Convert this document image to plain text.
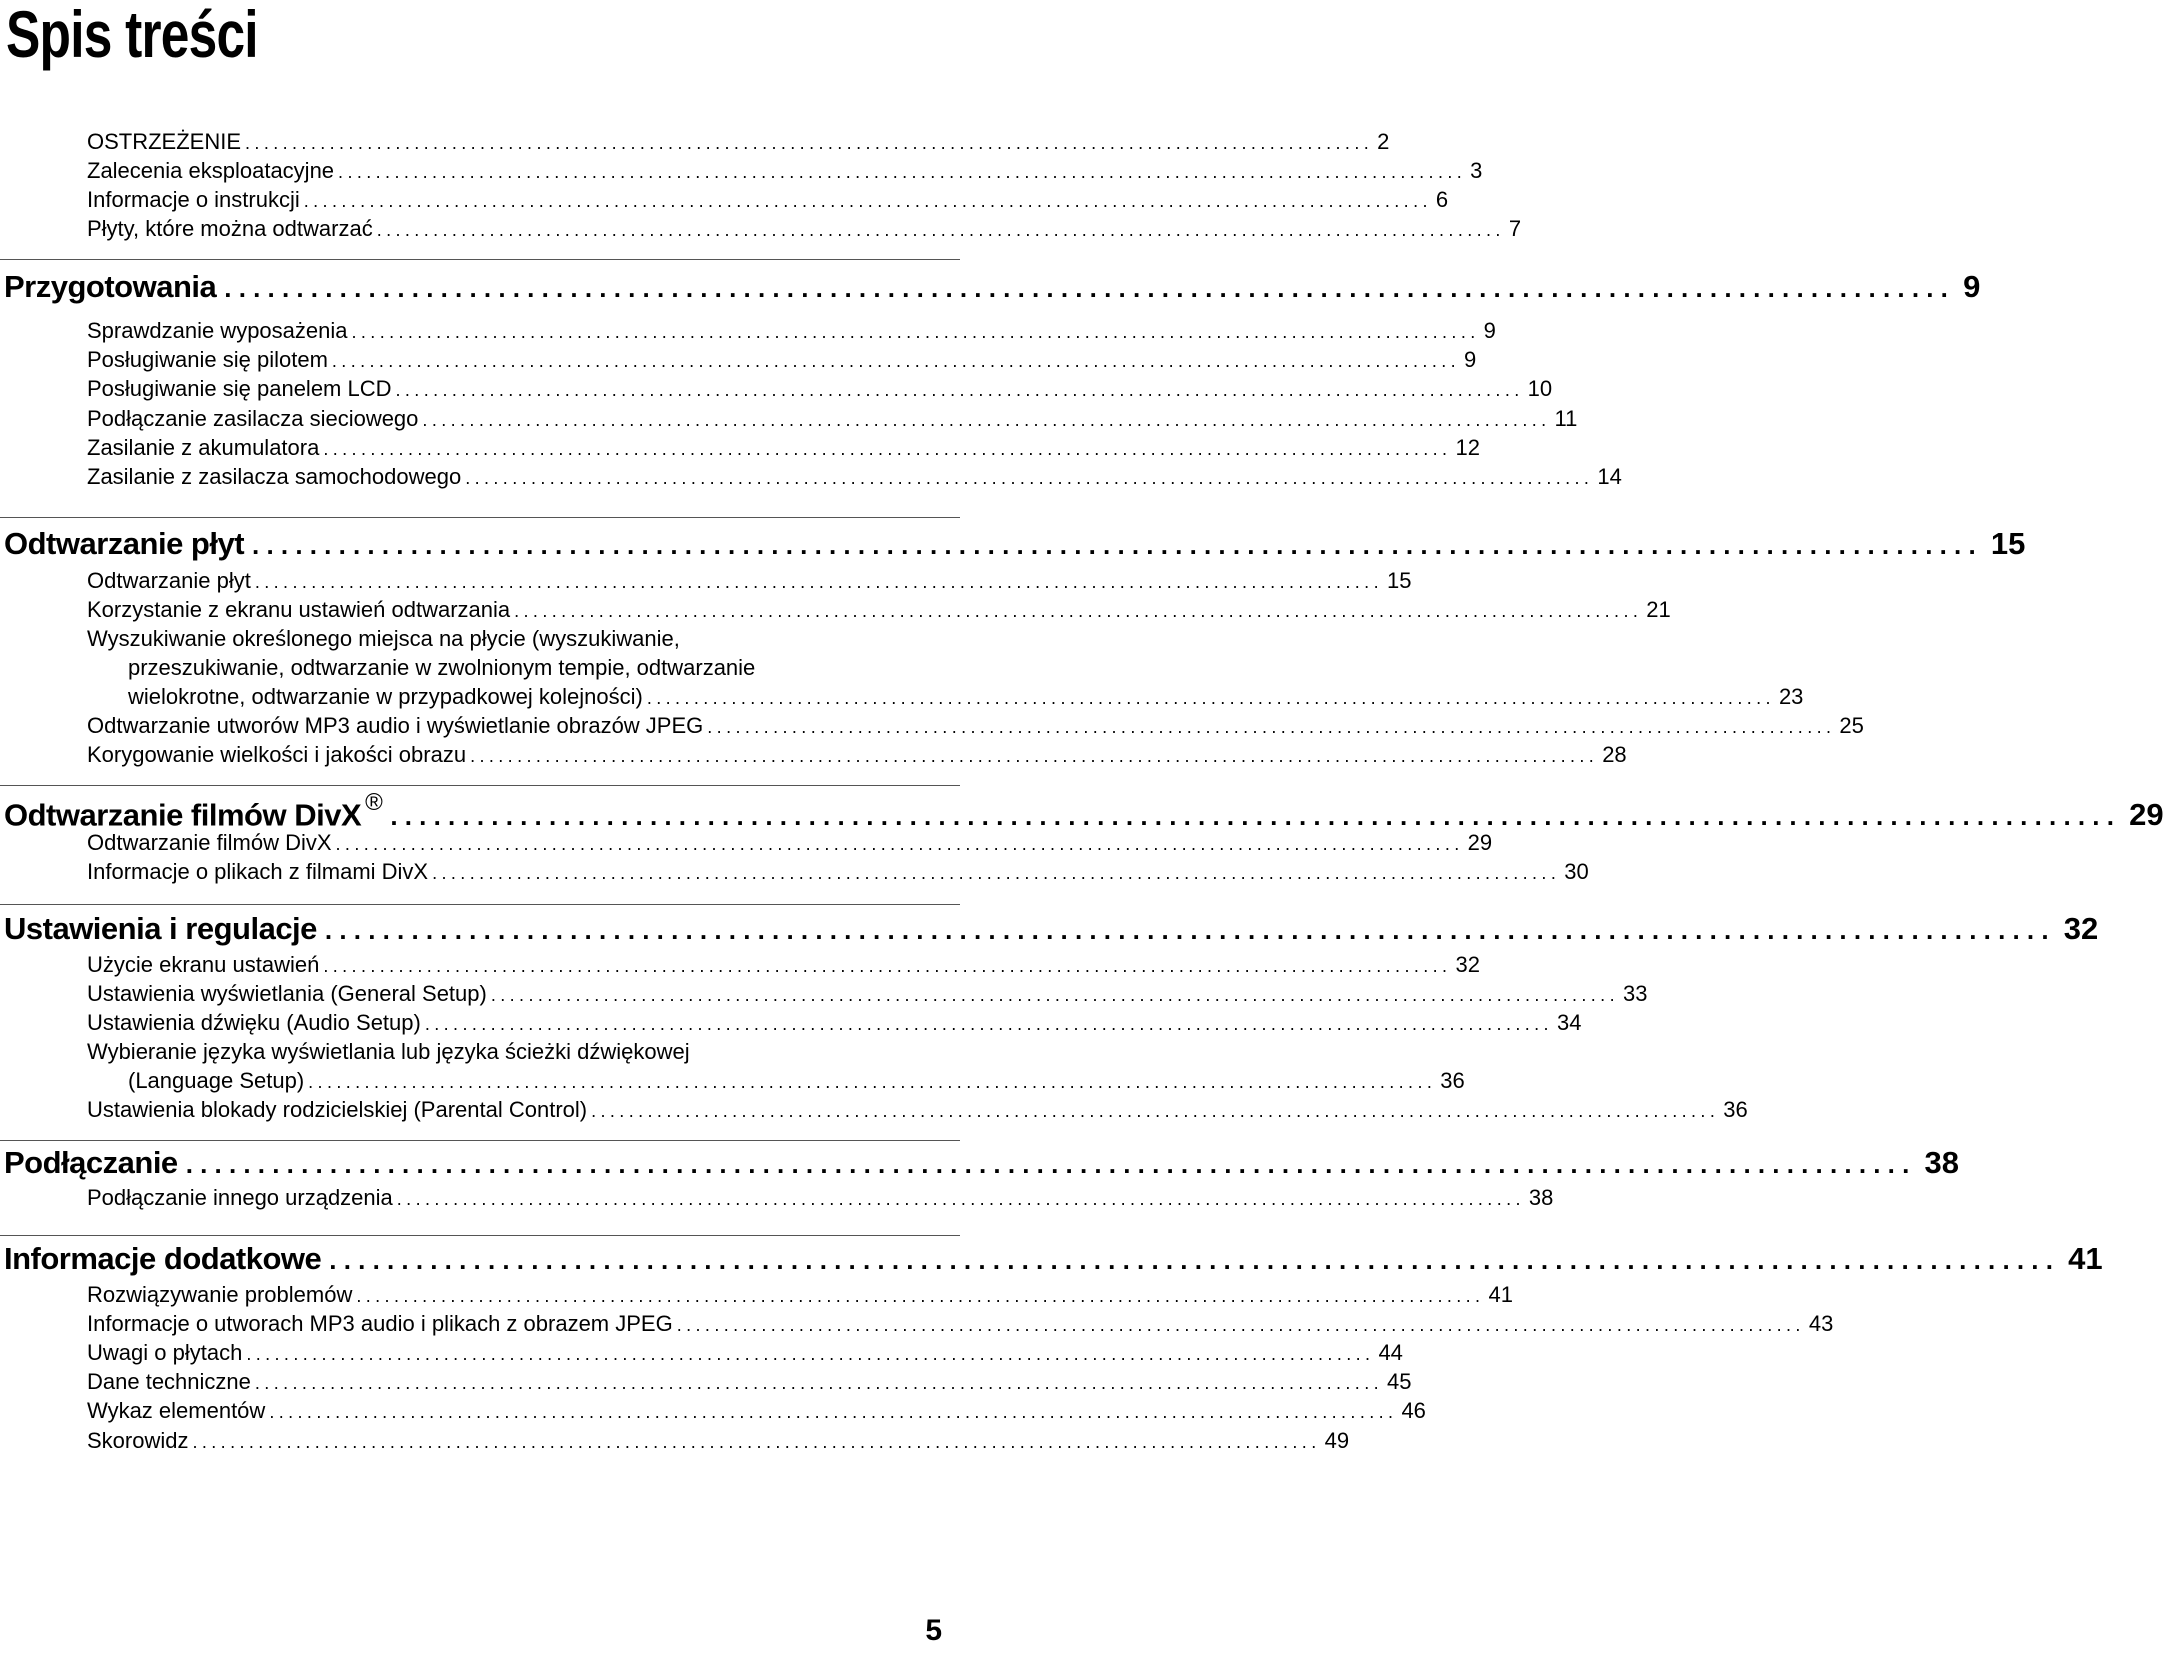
Spis treści
OSTRZEŻENIE ........................................................................................................................ 2
Zalecenia eksploatacyjne ........................................................................................................................ 3
Informacje o instrukcji ........................................................................................................................ 6
Płyty, które można odtwarzać ........................................................................................................................ 7
Przygotowania ........................................................................................................................ 9
Sprawdzanie wyposażenia ........................................................................................................................ 9
Posługiwanie się pilotem ........................................................................................................................ 9
Posługiwanie się panelem LCD ........................................................................................................................ 10
Podłączanie zasilacza sieciowego ........................................................................................................................ 11
Zasilanie z akumulatora ........................................................................................................................ 12
Zasilanie z zasilacza samochodowego ........................................................................................................................ 14
Odtwarzanie płyt ........................................................................................................................ 15
Odtwarzanie płyt ........................................................................................................................ 15
Korzystanie z ekranu ustawień odtwarzania ........................................................................................................................ 21
Wyszukiwanie określonego miejsca na płycie (wyszukiwanie,
przeszukiwanie, odtwarzanie w zwolnionym tempie, odtwarzanie
wielokrotne, odtwarzanie w przypadkowej kolejności) ........................................................................................................................ 23
Odtwarzanie utworów MP3 audio i wyświetlanie obrazów JPEG ........................................................................................................................ 25
Korygowanie wielkości i jakości obrazu ........................................................................................................................ 28
Odtwarzanie filmów DivX ® ........................................................................................................................ 29
Odtwarzanie filmów DivX ........................................................................................................................ 29
Informacje o plikach z filmami DivX ........................................................................................................................ 30
Ustawienia i regulacje ........................................................................................................................ 32
Użycie ekranu ustawień ........................................................................................................................ 32
Ustawienia wyświetlania (General Setup) ........................................................................................................................ 33
Ustawienia dźwięku (Audio Setup) ........................................................................................................................ 34
Wybieranie języka wyświetlania lub języka ścieżki dźwiękowej
(Language Setup) ........................................................................................................................ 36
Ustawienia blokady rodzicielskiej (Parental Control) ........................................................................................................................ 36
Podłączanie ........................................................................................................................ 38
Podłączanie innego urządzenia ........................................................................................................................ 38
Informacje dodatkowe ........................................................................................................................ 41
Rozwiązywanie problemów ........................................................................................................................ 41
Informacje o utworach MP3 audio i plikach z obrazem JPEG ........................................................................................................................ 43
Uwagi o płytach ........................................................................................................................ 44
Dane techniczne ........................................................................................................................ 45
Wykaz elementów ........................................................................................................................ 46
Skorowidz ........................................................................................................................ 49
5
